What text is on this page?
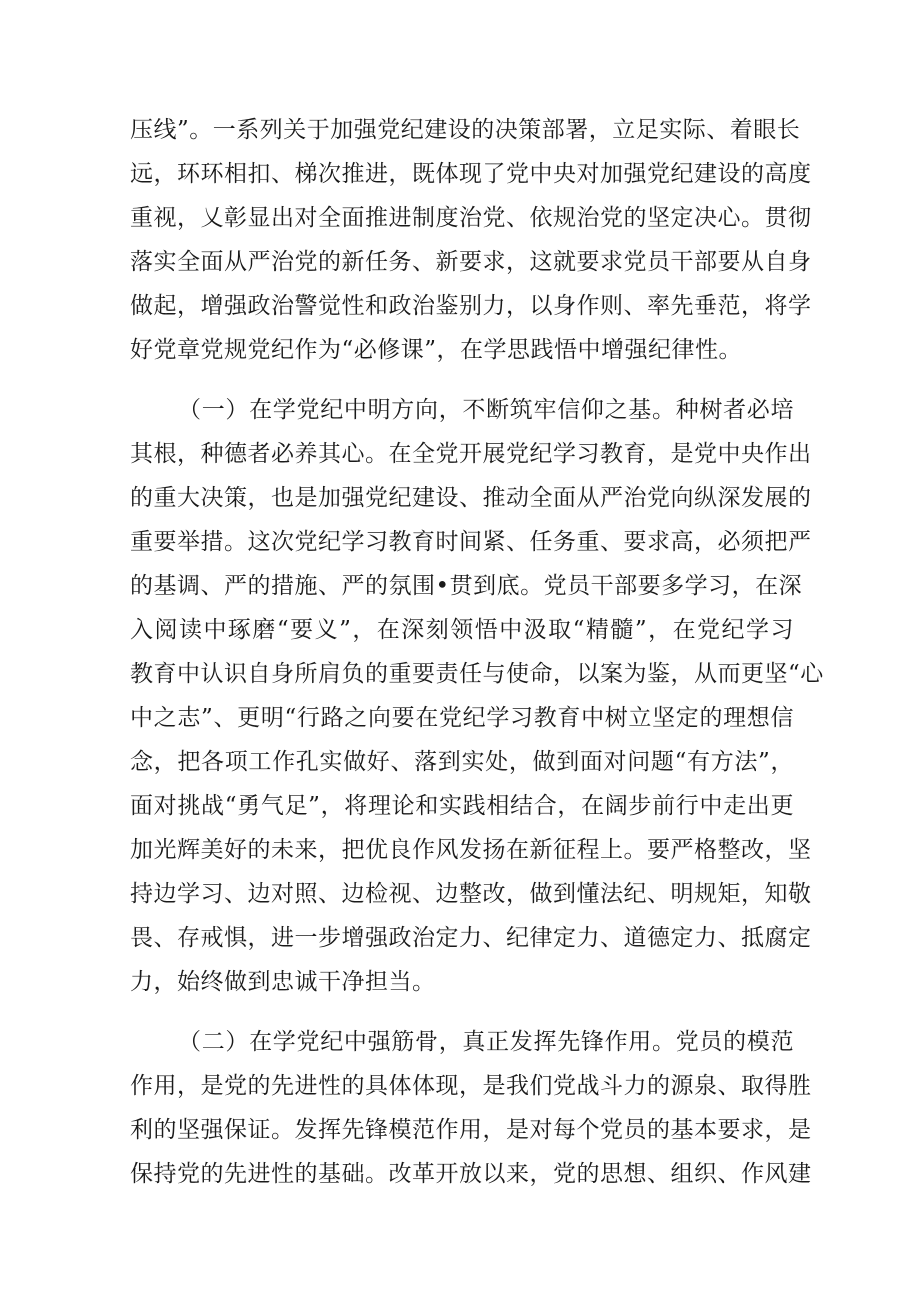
压线”。一系列关于加强党纪建设的决策部署，立足实际、着眼长
远，环环相扣、梯次推进，既体现了党中央对加强党纪建设的高度
重视，乂彰显出对全面推进制度治党、依规治党的坚定决心。贯彻
落实全面从严治党的新任务、新要求，这就要求党员干部要从自身
做起，增强政治警觉性和政治鉴别力，以身作则、率先垂范，将学
好党章党规党纪作为“必修课”，在学思践悟中增强纪律性。
（一）在学党纪中明方向，不断筑牢信仰之基。种树者必培
其根，种德者必养其心。在全党开展党纪学习教育，是党中央作出
的重大决策，也是加强党纪建设、推动全面从严治党向纵深发展的
重要举措。这次党纪学习教育时间紧、任务重、要求高，必须把严
的基调、严的措施、严的氛围•贯到底。党员干部要多学习，在深
入阅读中琢磨“要义”，在深刻领悟中汲取“精髓”，在党纪学习
教育中认识自身所肩负的重要责任与使命，以案为鉴，从而更坚“心
中之志”、更明“行路之向要在党纪学习教育中树立坚定的理想信
念，把各项工作孔实做好、落到实处，做到面对问题“有方法”，
面对挑战“勇气足”，将理论和实践相结合，在阔步前行中走出更
加光辉美好的未来，把优良作风发扬在新征程上。要严格整改，坚
持边学习、边对照、边检视、边整改，做到懂法纪、明规矩，知敬
畏、存戒惧，进一步增强政治定力、纪律定力、道德定力、抵腐定
力，始终做到忠诚干净担当。
（二）在学党纪中强筋骨，真正发挥先锋作用。党员的模范
作用，是党的先进性的具体体现，是我们党战斗力的源泉、取得胜
利的坚强保证。发挥先锋模范作用，是对每个党员的基本要求，是
保持党的先进性的基础。改革开放以来，党的思想、组织、作风建
